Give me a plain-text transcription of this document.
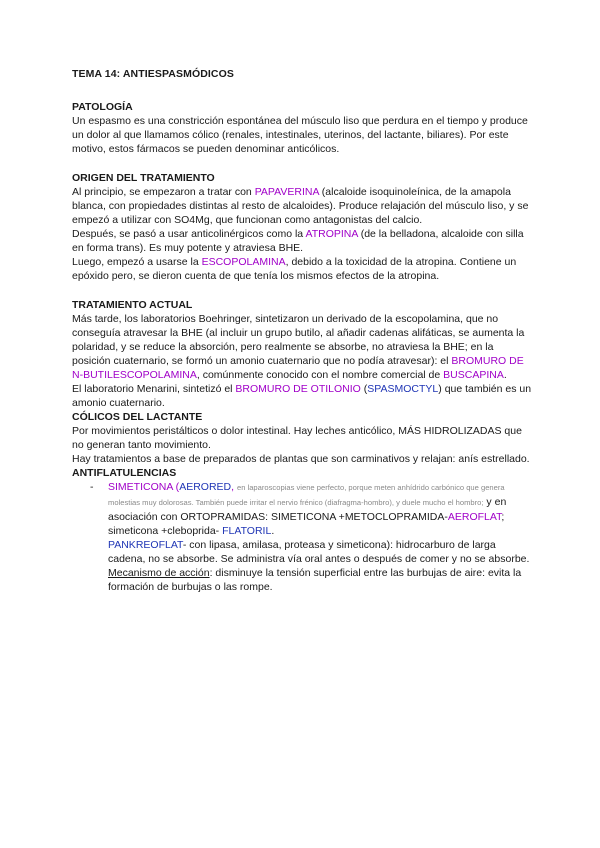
TEMA 14: ANTIESPASMÓDICOS
PATOLOGÍA

Un espasmo es una constricción espontánea del músculo liso que perdura en el tiempo y produce un dolor al que llamamos cólico (renales, intestinales, uterinos, del lactante, biliares). Por este motivo, estos fármacos se pueden denominar anticólicos.

ORIGEN DEL TRATAMIENTO

Al principio, se empezaron a tratar con PAPAVERINA (alcaloide isoquinoleínica, de la amapola blanca, con propiedades distintas al resto de alcaloides). Produce relajación del músculo liso, y se empezó a utilizar con SO4Mg, que funcionan como antagonistas del calcio.

Después, se pasó a usar anticolinérgicos como la ATROPINA (de la belladona, alcaloide con silla en forma trans). Es muy potente y atraviesa BHE.

Luego, empezó a usarse la ESCOPOLAMINA, debido a la toxicidad de la atropina. Contiene un epóxido pero, se dieron cuenta de que tenía los mismos efectos de la atropina.

TRATAMIENTO ACTUAL

Más tarde, los laboratorios Boehringer, sintetizaron un derivado de la escopolamina, que no conseguía atravesar la BHE (al incluir un grupo butilo, al añadir cadenas alifáticas, se aumenta la polaridad, y se reduce la absorción, pero realmente se absorbe, no atraviesa la BHE; en la posición cuaternario, se formó un amonio cuaternario que no podía atravesar): el BROMURO DE N-BUTILESCOPOLAMINA, comúnmente conocido con el nombre comercial de BUSCAPINA.

El laboratorio Menarini, sintetizó el BROMURO DE OTILONIO (SPASMOCTYL) que también es un amonio cuaternario.

CÓLICOS DEL LACTANTE

Por movimientos peristálticos o dolor intestinal. Hay leches anticólico, MÁS HIDROLIZADAS que no generan tanto movimiento.

Hay tratamientos a base de preparados de plantas que son carminativos y relajan: anís estrellado.

ANTIFLATULENCIAS
- SIMETICONA (AERORED, en laparoscopias viene perfecto, porque meten anhídrido carbónico que genera molestias muy dolorosas. También puede irritar el nervio frénico (diafragma-hombro), y duele mucho el hombro; y en asociación con ORTOPRAMIDAS: SIMETICONA +METOCLOPRAMIDA-AEROFLAT; simeticona +cleboprida- FLATORIL.
PANKREOFLAT- con lipasa, amilasa, proteasa y simeticona): hidrocarburo de larga cadena, no se absorbe. Se administra vía oral antes o después de comer y no se absorbe. Mecanismo de acción: disminuye la tensión superficial entre las burbujas de aire: evita la formación de burbujas o las rompe.
